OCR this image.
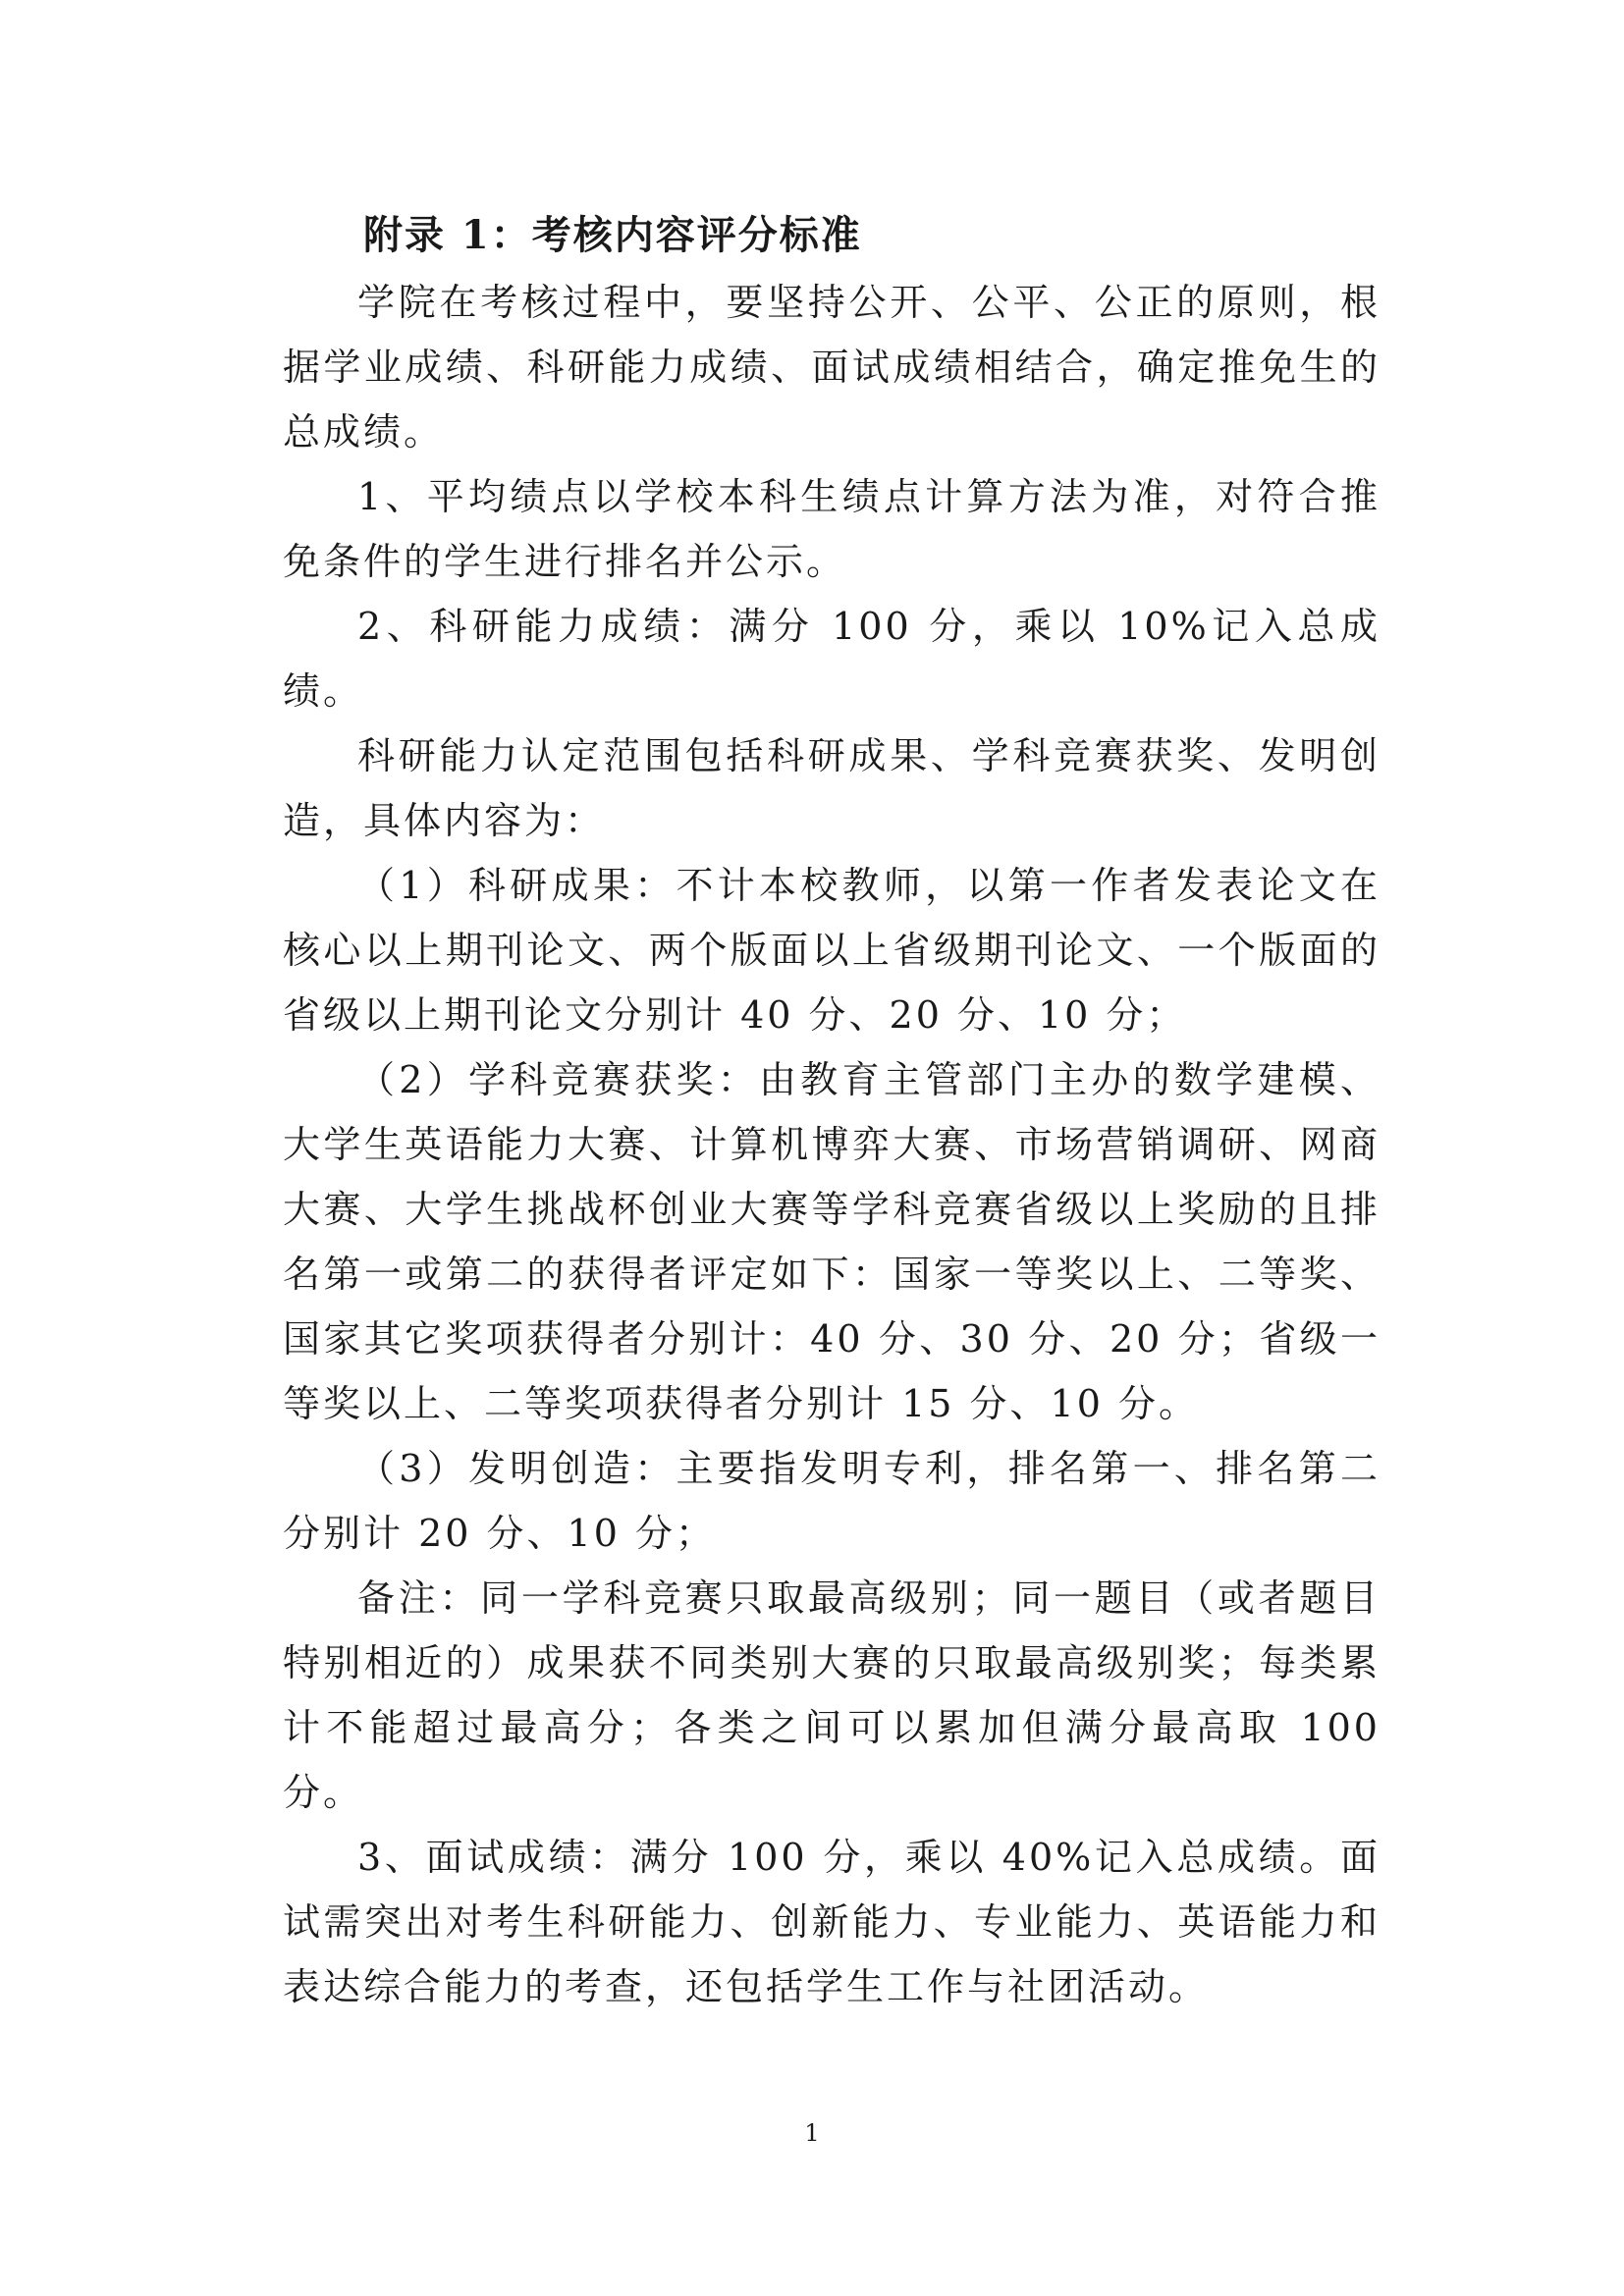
附录 1：考核内容评分标准

学院在考核过程中，要坚持公开、公平、公正的原则，根据学业成绩、科研能力成绩、面试成绩相结合，确定推免生的总成绩。

1、平均绩点以学校本科生绩点计算方法为准，对符合推免条件的学生进行排名并公示。

2、科研能力成绩：满分 100 分，乘以 10%记入总成绩。

科研能力认定范围包括科研成果、学科竞赛获奖、发明创造，具体内容为：

（1）科研成果：不计本校教师，以第一作者发表论文在核心以上期刊论文、两个版面以上省级期刊论文、一个版面的省级以上期刊论文分别计 40 分、20 分、10 分；

（2）学科竞赛获奖：由教育主管部门主办的数学建模、大学生英语能力大赛、计算机博弈大赛、市场营销调研、网商大赛、大学生挑战杯创业大赛等学科竞赛省级以上奖励的且排名第一或第二的获得者评定如下：国家一等奖以上、二等奖、国家其它奖项获得者分别计：40 分、30 分、20 分；省级一等奖以上、二等奖项获得者分别计 15 分、10 分。

（3）发明创造：主要指发明专利，排名第一、排名第二分别计 20 分、10 分；

备注：同一学科竞赛只取最高级别；同一题目（或者题目特别相近的）成果获不同类别大赛的只取最高级别奖；每类累计不能超过最高分；各类之间可以累加但满分最高取 100 分。

3、面试成绩：满分 100 分，乘以 40%记入总成绩。面试需突出对考生科研能力、创新能力、专业能力、英语能力和表达综合能力的考查，还包括学生工作与社团活动。

1
